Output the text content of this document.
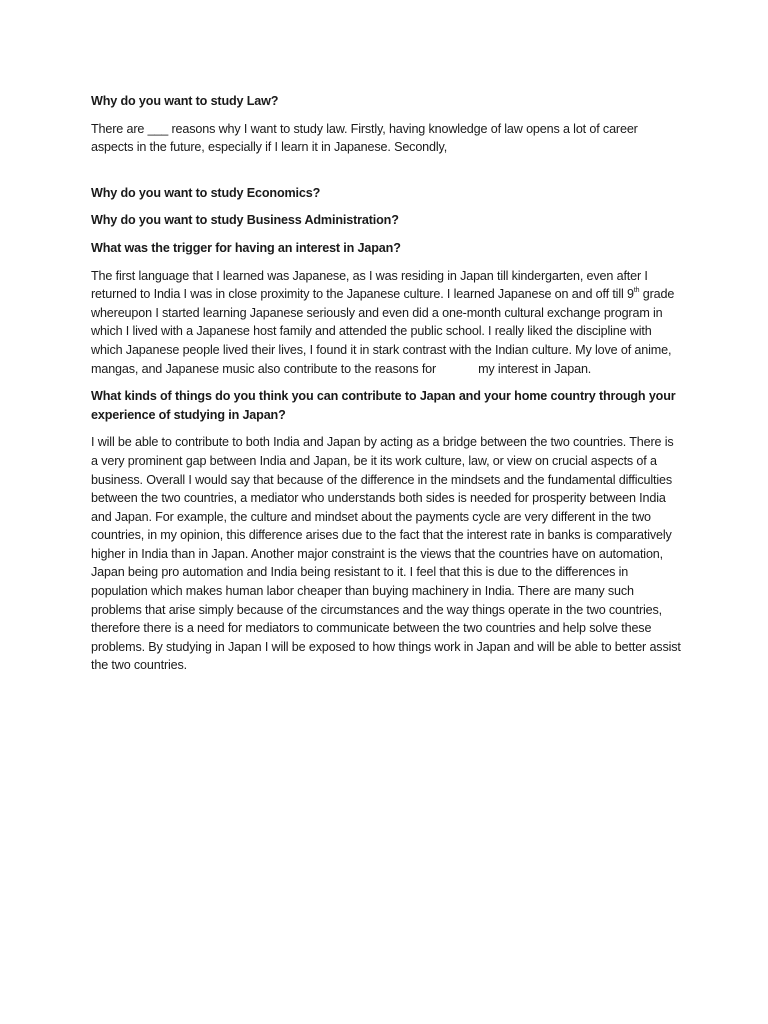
Why do you want to study Law?

There are ___ reasons why I want to study law. Firstly, having knowledge of law opens a lot of career aspects in the future, especially if I learn it in Japanese. Secondly,

Why do you want to study Economics?

Why do you want to study Business Administration?

What was the trigger for having an interest in Japan?

The first language that I learned was Japanese, as I was residing in Japan till kindergarten, even after I returned to India I was in close proximity to the Japanese culture. I learned Japanese on and off till 9th grade whereupon I started learning Japanese seriously and even did a one-month cultural exchange program in which I lived with a Japanese host family and attended the public school. I really liked the discipline with which Japanese people lived their lives, I found it in stark contrast with the Indian culture. My love of anime, mangas, and Japanese music also contribute to the reasons for	my interest in Japan.

What kinds of things do you think you can contribute to Japan and your home country through your experience of studying in Japan?

I will be able to contribute to both India and Japan by acting as a bridge between the two countries. There is a very prominent gap between India and Japan, be it its work culture, law, or view on crucial aspects of a business. Overall I would say that because of the difference in the mindsets and the fundamental difficulties between the two countries, a mediator who understands both sides is needed for prosperity between India and Japan. For example, the culture and mindset about the payments cycle are very different in the two countries, in my opinion, this difference arises due to the fact that the interest rate in banks is comparatively higher in India than in Japan. Another major constraint is the views that the countries have on automation, Japan being pro automation and India being resistant to it. I feel that this is due to the differences in population which makes human labor cheaper than buying machinery in India. There are many such problems that arise simply because of the circumstances and the way things operate in the two countries, therefore there is a need for mediators to communicate between the two countries and help solve these problems. By studying in Japan I will be exposed to how things work in Japan and will be able to better assist the two countries.
